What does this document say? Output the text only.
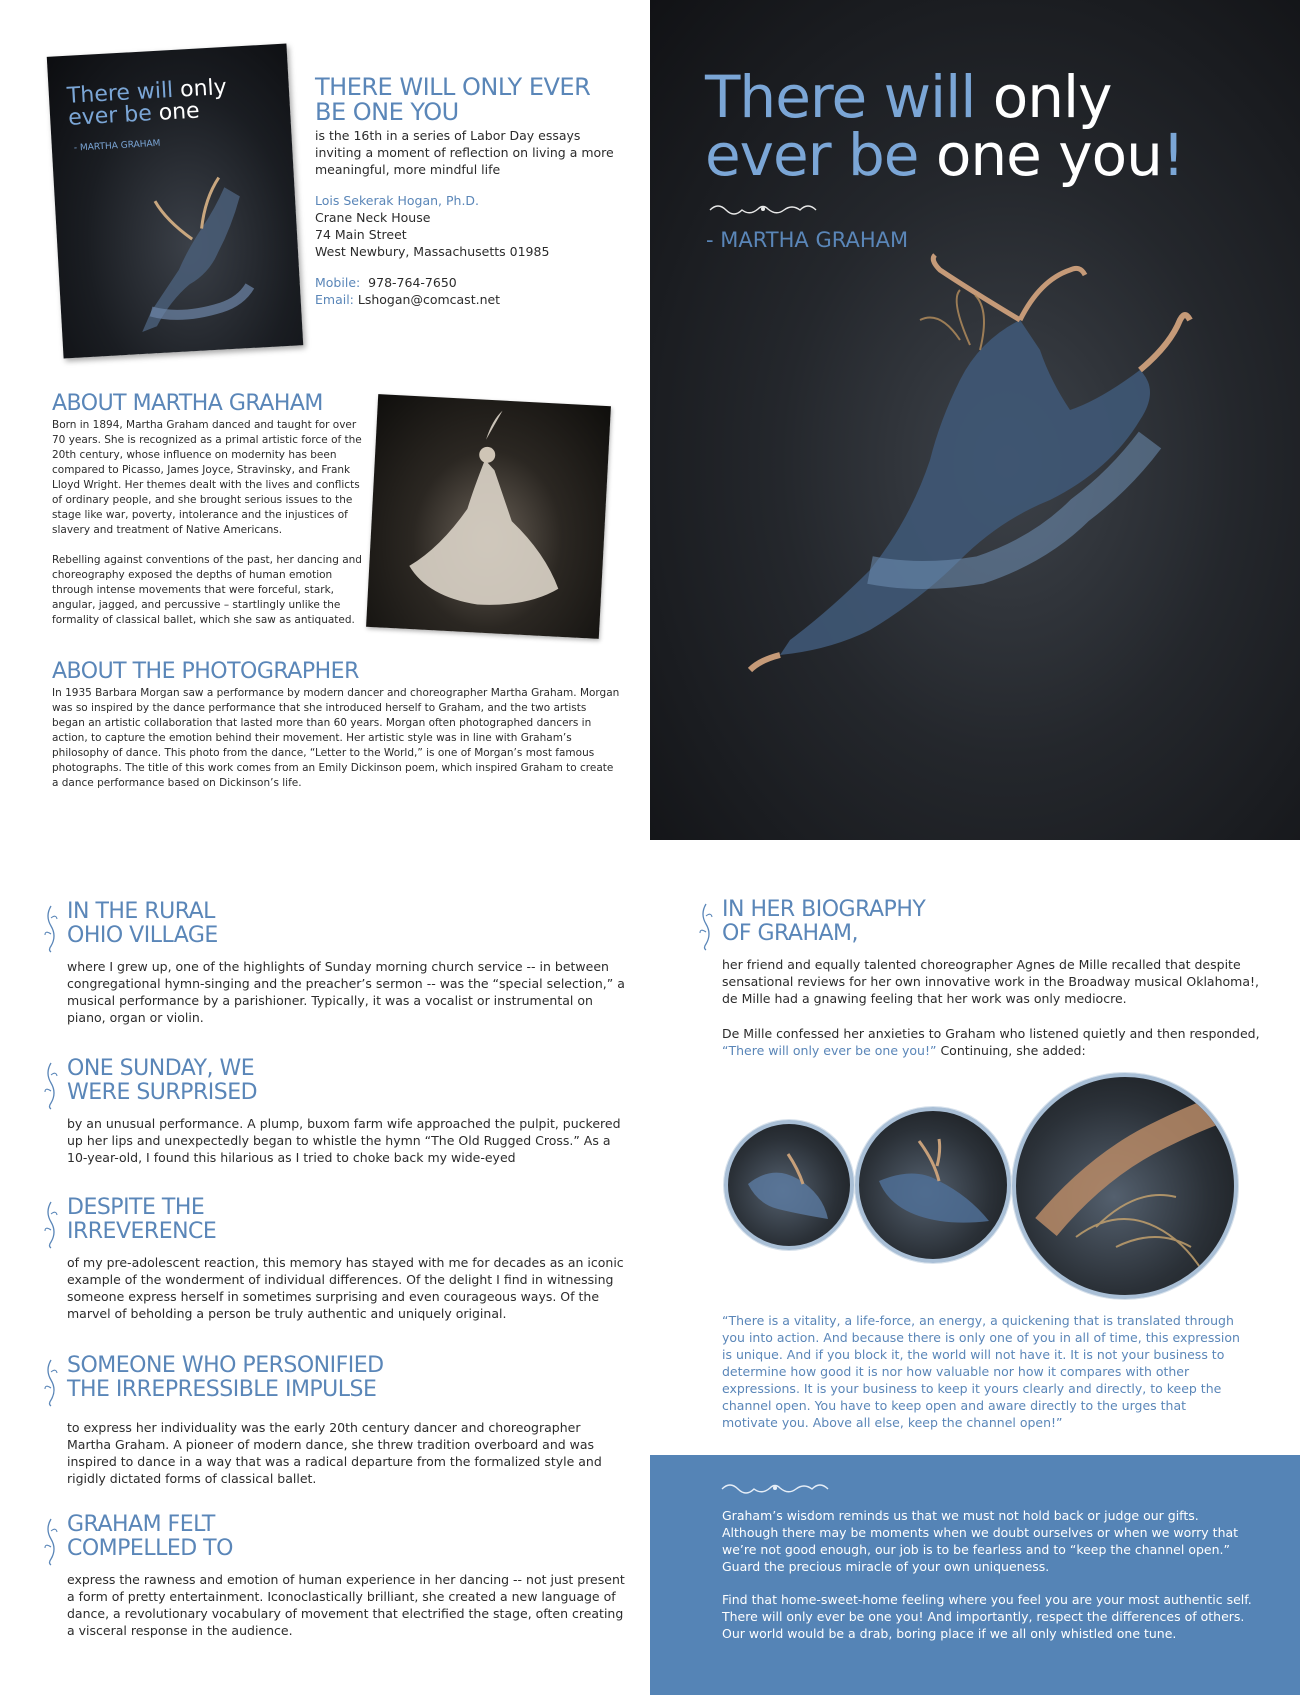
There will only
ever be one
- MARTHA GRAHAM
THERE WILL ONLY EVER BE ONE YOU

is the 16th in a series of Labor Day essays inviting a moment of reflection on living a more meaningful, more mindful life

Lois Sekerak Hogan, Ph.D.

Crane Neck House

74 Main Street

West Newbury, Massachusetts 01985

Mobile: 978-764-7650

Email: Lshogan@comcast.net

There will only
ever be one you!
- MARTHA GRAHAM
ABOUT MARTHA GRAHAM

Born in 1894, Martha Graham danced and taught for over 70 years. She is recognized as a primal artistic force of the 20th century, whose influence on modernity has been compared to Picasso, James Joyce, Stravinsky, and Frank Lloyd Wright. Her themes dealt with the lives and conflicts of ordinary people, and she brought serious issues to the stage like war, poverty, intolerance and the injustices of slavery and treatment of Native Americans.

Rebelling against conventions of the past, her dancing and choreography exposed the depths of human emotion through intense movements that were forceful, stark, angular, jagged, and percussive – startlingly unlike the formality of classical ballet, which she saw as antiquated.

ABOUT THE PHOTOGRAPHER

In 1935 Barbara Morgan saw a performance by modern dancer and choreographer Martha Graham. Morgan was so inspired by the dance performance that she introduced herself to Graham, and the two artists began an artistic collaboration that lasted more than 60 years. Morgan often photographed dancers in action, to capture the emotion behind their movement. Her artistic style was in line with Graham’s philosophy of dance. This photo from the dance, “Letter to the World,” is one of Morgan’s most famous photographs. The title of this work comes from an Emily Dickinson poem, which inspired Graham to create a dance performance based on Dickinson’s life.

IN THE RURAL
OHIO VILLAGE

where I grew up, one of the highlights of Sunday morning church service -- in between congregational hymn-singing and the preacher’s sermon -- was the “special selection,” a musical performance by a parishioner. Typically, it was a vocalist or instrumental on piano, organ or violin.

ONE SUNDAY, WE
WERE SURPRISED

by an unusual performance. A plump, buxom farm wife approached the pulpit, puckered up her lips and unexpectedly began to whistle the hymn “The Old Rugged Cross.” As a 10-year-old, I found this hilarious as I tried to choke back my wide-eyed

DESPITE THE
IRREVERENCE

of my pre-adolescent reaction, this memory has stayed with me for decades as an iconic example of the wonderment of individual differences. Of the delight I find in witnessing someone express herself in sometimes surprising and even courageous ways. Of the marvel of beholding a person be truly authentic and uniquely original.

SOMEONE WHO PERSONIFIED
THE IRREPRESSIBLE IMPULSE

to express her individuality was the early 20th century dancer and choreographer Martha Graham. A pioneer of modern dance, she threw tradition overboard and was inspired to dance in a way that was a radical departure from the formalized style and rigidly dictated forms of classical ballet.

GRAHAM FELT
COMPELLED TO

express the rawness and emotion of human experience in her dancing -- not just present a form of pretty entertainment. Iconoclastically brilliant, she created a new language of dance, a revolutionary vocabulary of movement that electrified the stage, often creating a visceral response in the audience.

IN HER BIOGRAPHY
OF GRAHAM,

her friend and equally talented choreographer Agnes de Mille recalled that despite sensational reviews for her own innovative work in the Broadway musical Oklahoma!, de Mille had a gnawing feeling that her work was only mediocre.

De Mille confessed her anxieties to Graham who listened quietly and then responded, “There will only ever be one you!” Continuing, she added:

“There is a vitality, a life-force, an energy, a quickening that is translated through you into action. And because there is only one of you in all of time, this expression is unique. And if you block it, the world will not have it. It is not your business to determine how good it is nor how valuable nor how it compares with other expressions. It is your business to keep it yours clearly and directly, to keep the channel open. You have to keep open and aware directly to the urges that motivate you. Above all else, keep the channel open!”

Graham’s wisdom reminds us that we must not hold back or judge our gifts. Although there may be moments when we doubt ourselves or when we worry that we’re not good enough, our job is to be fearless and to “keep the channel open.” Guard the precious miracle of your own uniqueness.

Find that home-sweet-home feeling where you feel you are your most authentic self. There will only ever be one you! And importantly, respect the differences of others. Our world would be a drab, boring place if we all only whistled one tune.
